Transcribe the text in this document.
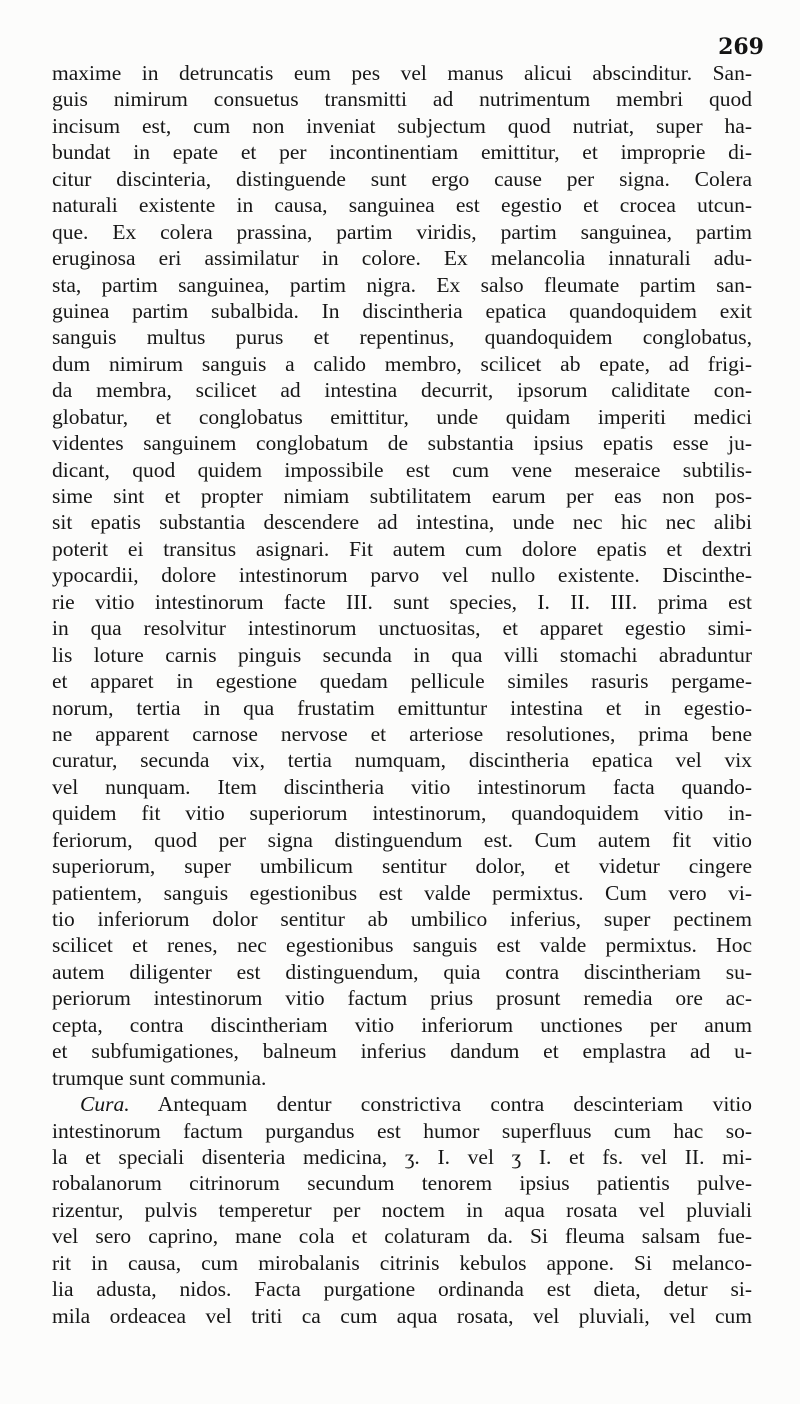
269
maxime in detruncatis eum pes vel manus alicui abscinditur. San-
guis nimirum consuetus transmitti ad nutrimentum membri quod
incisum est, cum non inveniat subjectum quod nutriat, super ha-
bundat in epate et per incontinentiam emittitur, et improprie di-
citur discinteria, distinguende sunt ergo cause per signa. Colera
naturali existente in causa, sanguinea est egestio et crocea utcun-
que. Ex colera prassina, partim viridis, partim sanguinea, partim
eruginosa eri assimilatur in colore. Ex melancolia innaturali adu-
sta, partim sanguinea, partim nigra. Ex salso fleumate partim san-
guinea partim subalbida. In discintheria epatica quandoquidem exit
sanguis multus purus et repentinus, quandoquidem conglobatus,
dum nimirum sanguis a calido membro, scilicet ab epate, ad frigi-
da membra, scilicet ad intestina decurrit, ipsorum caliditate con-
globatur, et conglobatus emittitur, unde quidam imperiti medici
videntes sanguinem conglobatum de substantia ipsius epatis esse ju-
dicant, quod quidem impossibile est cum vene meseraice subtilis-
sime sint et propter nimiam subtilitatem earum per eas non pos-
sit epatis substantia descendere ad intestina, unde nec hic nec alibi
poterit ei transitus asignari. Fit autem cum dolore epatis et dextri
ypocardii, dolore intestinorum parvo vel nullo existente. Discinthe-
rie vitio intestinorum facte III. sunt species, I. II. III. prima est
in qua resolvitur intestinorum unctuositas, et apparet egestio simi-
lis loture carnis pinguis secunda in qua villi stomachi abraduntur
et apparet in egestione quedam pellicule similes rasuris pergame-
norum, tertia in qua frustatim emittuntur intestina et in egestio-
ne apparent carnose nervose et arteriose resolutiones, prima bene
curatur, secunda vix, tertia numquam, discintheria epatica vel vix
vel nunquam. Item discintheria vitio intestinorum facta quando-
quidem fit vitio superiorum intestinorum, quandoquidem vitio in-
feriorum, quod per signa distinguendum est. Cum autem fit vitio
superiorum, super umbilicum sentitur dolor, et videtur cingere
patientem, sanguis egestionibus est valde permixtus. Cum vero vi-
tio inferiorum dolor sentitur ab umbilico inferius, super pectinem
scilicet et renes, nec egestionibus sanguis est valde permixtus. Hoc
autem diligenter est distinguendum, quia contra discintheriam su-
periorum intestinorum vitio factum prius prosunt remedia ore ac-
cepta, contra discintheriam vitio inferiorum unctiones per anum
et subfumigationes, balneum inferius dandum et emplastra ad u-
trumque sunt communia.
Cura. Antequam dentur constrictiva contra descinteriam vitio
intestinorum factum purgandus est humor superfluus cum hac so-
la et speciali disenteria medicina, ʒ. I. vel ʒ I. et fs. vel II. mi-
robalanorum citrinorum secundum tenorem ipsius patientis pulve-
rizentur, pulvis temperetur per noctem in aqua rosata vel pluviali
vel sero caprino, mane cola et colaturam da. Si fleuma salsam fue-
rit in causa, cum mirobalanis citrinis kebulos appone. Si melanco-
lia adusta, nidos. Facta purgatione ordinanda est dieta, detur si-
mila ordeacea vel triti ca cum aqua rosata, vel pluviali, vel cum
